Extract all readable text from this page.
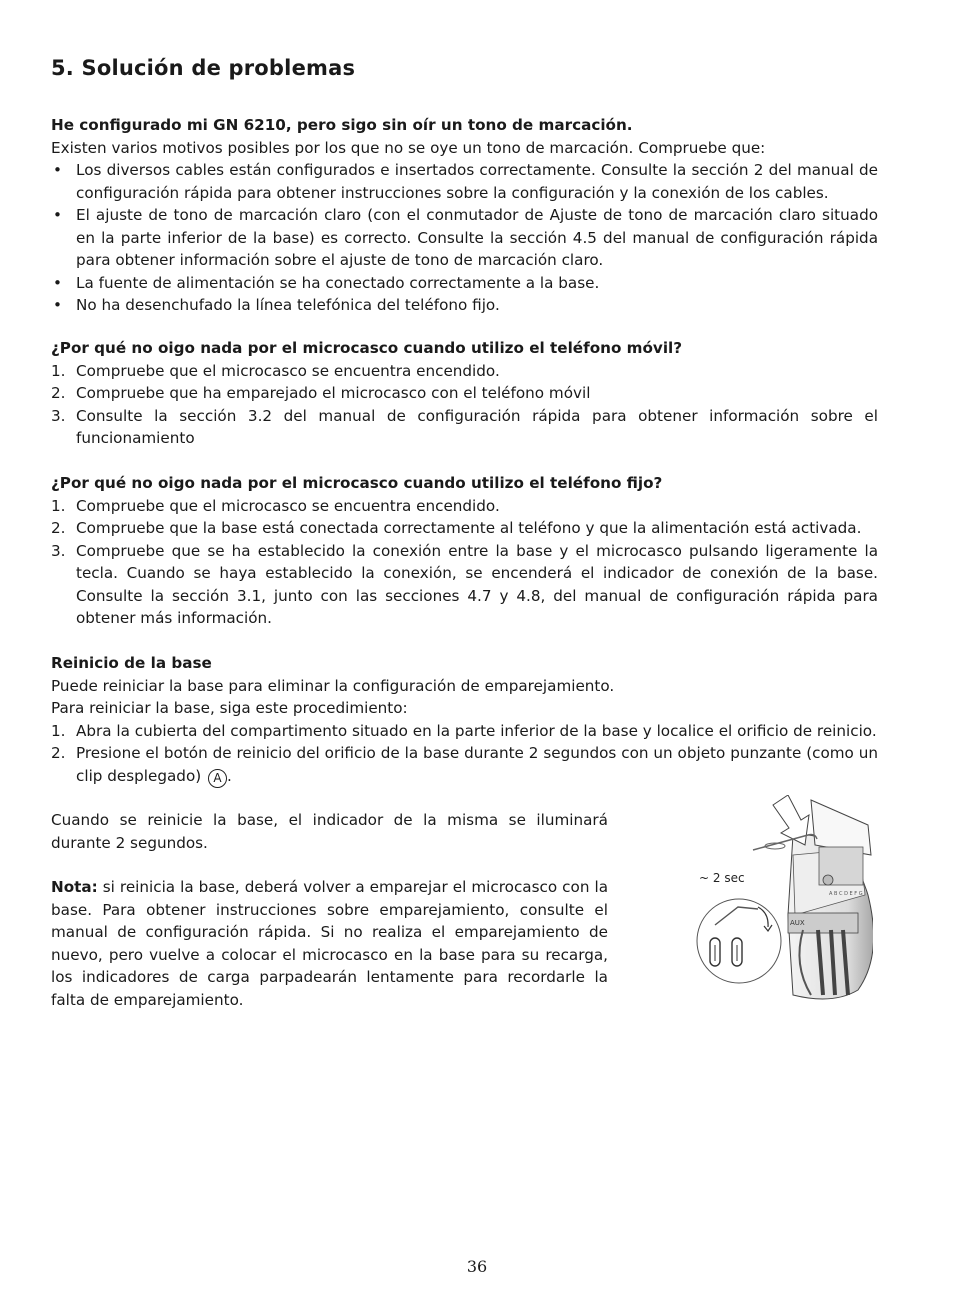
5. Solución de problemas

He configurado mi GN 6210, pero sigo sin oír un tono de marcación.

Existen varios motivos posibles por los que no se oye un tono de marcación. Compruebe que:

• Los diversos cables están configurados e insertados correctamente. Consulte la sección 2 del manual de configuración rápida para obtener instrucciones sobre la configuración y la conexión de los cables.
• El ajuste de tono de marcación claro (con el conmutador de Ajuste de tono de marcación claro situado en la parte inferior de la base) es correcto. Consulte la sección 4.5 del manual de configuración rápida para obtener información sobre el ajuste de tono de marcación claro.
• La fuente de alimentación se ha conectado correctamente a la base.
• No ha desenchufado la línea telefónica del teléfono fijo.

¿Por qué no oigo nada por el microcasco cuando utilizo el teléfono móvil?

1. Compruebe que el microcasco se encuentra encendido.
2. Compruebe que ha emparejado el microcasco con el teléfono móvil
3. Consulte la sección 3.2 del manual de configuración rápida para obtener información sobre el funcionamiento

¿Por qué no oigo nada por el microcasco cuando utilizo el teléfono fijo?

1. Compruebe que el microcasco se encuentra encendido.
2. Compruebe que la base está conectada correctamente al teléfono y que la alimentación está activada.
3. Compruebe que se ha establecido la conexión entre la base y el microcasco pulsando ligeramente la tecla. Cuando se haya establecido la conexión, se encenderá el indicador de conexión de la base. Consulte la sección 3.1, junto con las secciones 4.7 y 4.8, del manual de configuración rápida para obtener más información.

Reinicio de la base

Puede reiniciar la base para eliminar la configuración de emparejamiento.

Para reiniciar la base, siga este procedimiento:

1. Abra la cubierta del compartimento situado en la parte inferior de la base y localice el orificio de reinicio.
2. Presione el botón de reinicio del orificio de la base durante 2 segundos con un objeto punzante (como un clip desplegado) A .

Cuando se reinicie la base, el indicador de la misma se iluminará durante 2 segundos.

Nota: si reinicia la base, deberá volver a emparejar el microcasco con la base. Para obtener instrucciones sobre emparejamiento, consulte el manual de configuración rápida. Si no realiza el emparejamiento de nuevo, pero vuelve a colocar el microcasco en la base para su recarga, los indicadores de carga parpadearán lentamente para recordarle la falta de emparejamiento.

A B C D E F G
AUX
~ 2 sec
36
